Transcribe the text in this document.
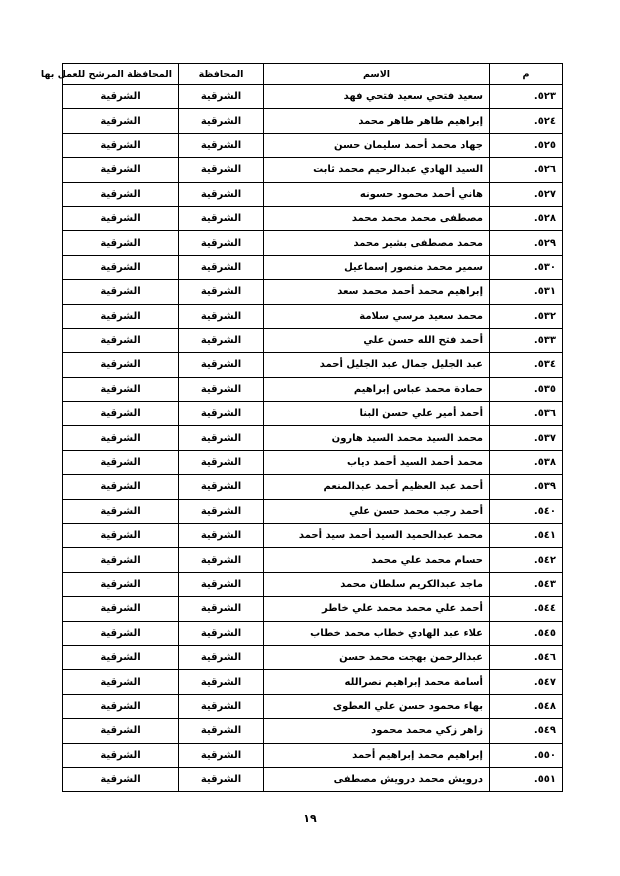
م	الاسم	المحافظة	المحافظة المرشح للعمل بها
٥٢٣.	سعيد فتحي سعيد فتحي فهد	الشرقية	الشرقية
٥٢٤.	إبراهيم طاهر طاهر محمد	الشرقية	الشرقية
٥٢٥.	جهاد محمد أحمد سليمان حسن	الشرقية	الشرقية
٥٢٦.	السيد الهادي عبدالرحيم محمد ثابت	الشرقية	الشرقية
٥٢٧.	هاني أحمد محمود حسونه	الشرقية	الشرقية
٥٢٨.	مصطفى محمد محمد محمد	الشرقية	الشرقية
٥٢٩.	محمد مصطفى بشير محمد	الشرقية	الشرقية
٥٣٠.	سمير محمد منصور إسماعيل	الشرقية	الشرقية
٥٣١.	إبراهيم محمد أحمد محمد سعد	الشرقية	الشرقية
٥٣٢.	محمد سعيد مرسي سلامة	الشرقية	الشرقية
٥٣٣.	أحمد فتح الله حسن علي	الشرقية	الشرقية
٥٣٤.	عبد الجليل جمال عبد الجليل أحمد	الشرقية	الشرقية
٥٣٥.	حمادة محمد عباس إبراهيم	الشرقية	الشرقية
٥٣٦.	أحمد أمير علي حسن البنا	الشرقية	الشرقية
٥٣٧.	محمد السيد محمد السيد هارون	الشرقية	الشرقية
٥٣٨.	محمد أحمد السيد أحمد دياب	الشرقية	الشرقية
٥٣٩.	أحمد عبد العظيم أحمد عبدالمنعم	الشرقية	الشرقية
٥٤٠.	أحمد رجب محمد حسن علي	الشرقية	الشرقية
٥٤١.	محمد عبدالحميد السيد أحمد سيد أحمد	الشرقية	الشرقية
٥٤٢.	حسام محمد علي محمد	الشرقية	الشرقية
٥٤٣.	ماجد عبدالكريم سلطان محمد	الشرقية	الشرقية
٥٤٤.	أحمد علي محمد محمد علي خاطر	الشرقية	الشرقية
٥٤٥.	علاء عبد الهادي خطاب محمد خطاب	الشرقية	الشرقية
٥٤٦.	عبدالرحمن بهجت محمد حسن	الشرقية	الشرقية
٥٤٧.	أسامة محمد إبراهيم نصرالله	الشرقية	الشرقية
٥٤٨.	بهاء محمود حسن علي العطوى	الشرقية	الشرقية
٥٤٩.	زاهر زكي محمد محمود	الشرقية	الشرقية
٥٥٠.	إبراهيم محمد إبراهيم أحمد	الشرقية	الشرقية
٥٥١.	درويش محمد درويش مصطفى	الشرقية	الشرقية
١٩
